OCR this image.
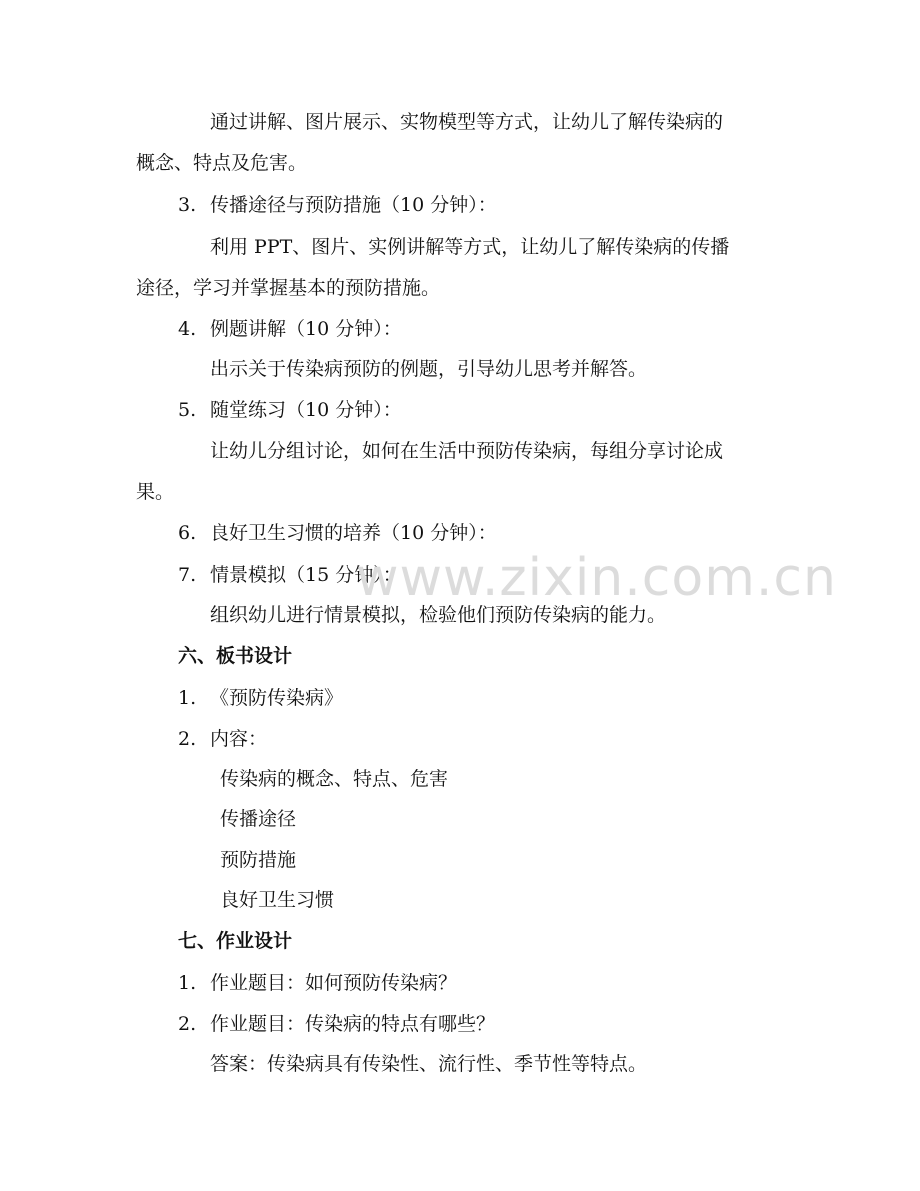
通过讲解、图片展示、实物模型等方式，让幼儿了解传染病的

概念、特点及危害。

3. 传播途径与预防措施（10 分钟）：

利用 PPT、图片、实例讲解等方式，让幼儿了解传染病的传播

途径，学习并掌握基本的预防措施。

4. 例题讲解（10 分钟）：

出示关于传染病预防的例题，引导幼儿思考并解答。

5. 随堂练习（10 分钟）：

让幼儿分组讨论，如何在生活中预防传染病，每组分享讨论成

果。

6. 良好卫生习惯的培养（10 分钟）：
7. 情景模拟（15 分钟）：

组织幼儿进行情景模拟，检验他们预防传染病的能力。

六、板书设计
1. 《预防传染病》
2. 内容：

传染病的概念、特点、危害

传播途径

预防措施

良好卫生习惯

七、作业设计
1. 作业题目：如何预防传染病？
2. 作业题目：传染病的特点有哪些？

答案：传染病具有传染性、流行性、季节性等特点。

www.zixin.com.cn
